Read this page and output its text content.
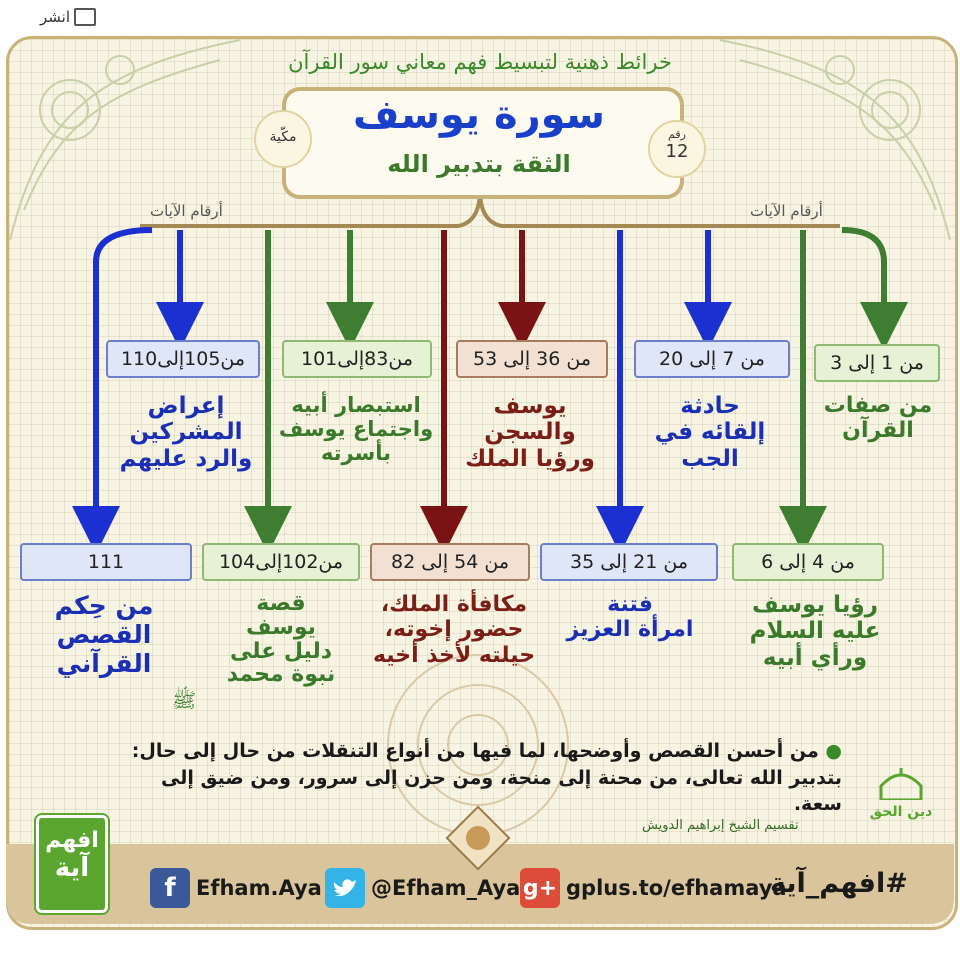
انشر
خرائط ذهنية لتبسيط فهم معاني سور القرآن
سورة يوسف
الثقة بتدبير الله
رقم
12
مكّية
أرقام الآيات
أرقام الآيات
من 1 إلى 3
من 7 إلى 20
من 36 إلى 53
من83إلى101
من105إلى110
من 4 إلى 6
من 21 إلى 35
من 54 إلى 82
من102إلى104
111
من صفات
القرآن
حادثة
إلقائه في
الجب
يوسف
والسجن
ورؤيا الملك
استبصار أبيه
واجتماع يوسف
بأسرته
إعراض
المشركين
والرد عليهم
رؤيا يوسف
عليه السلام
ورأي أبيه
فتنة
امرأة العزيز
مكافأة الملك،
حضور إخوته،
حيلته لأخذ أخيه
قصة
يوسف
دليل على
نبوة محمد
ﷺ
من حِكم
القصص
القرآني
● من أحسن القصص وأوضحها، لما فيها من أنواع التنقلات من حال إلى حال:
بتدبير الله تعالى، من محنة إلى منحة، ومن حزن إلى سرور، ومن ضيق إلى سعة.
تقسيم الشيخ إبراهيم الدويش
دين الحق
افهم
آية
f Efham.Aya @Efham_Aya g+ gplus.to/efhamaya
#افهم_آية
